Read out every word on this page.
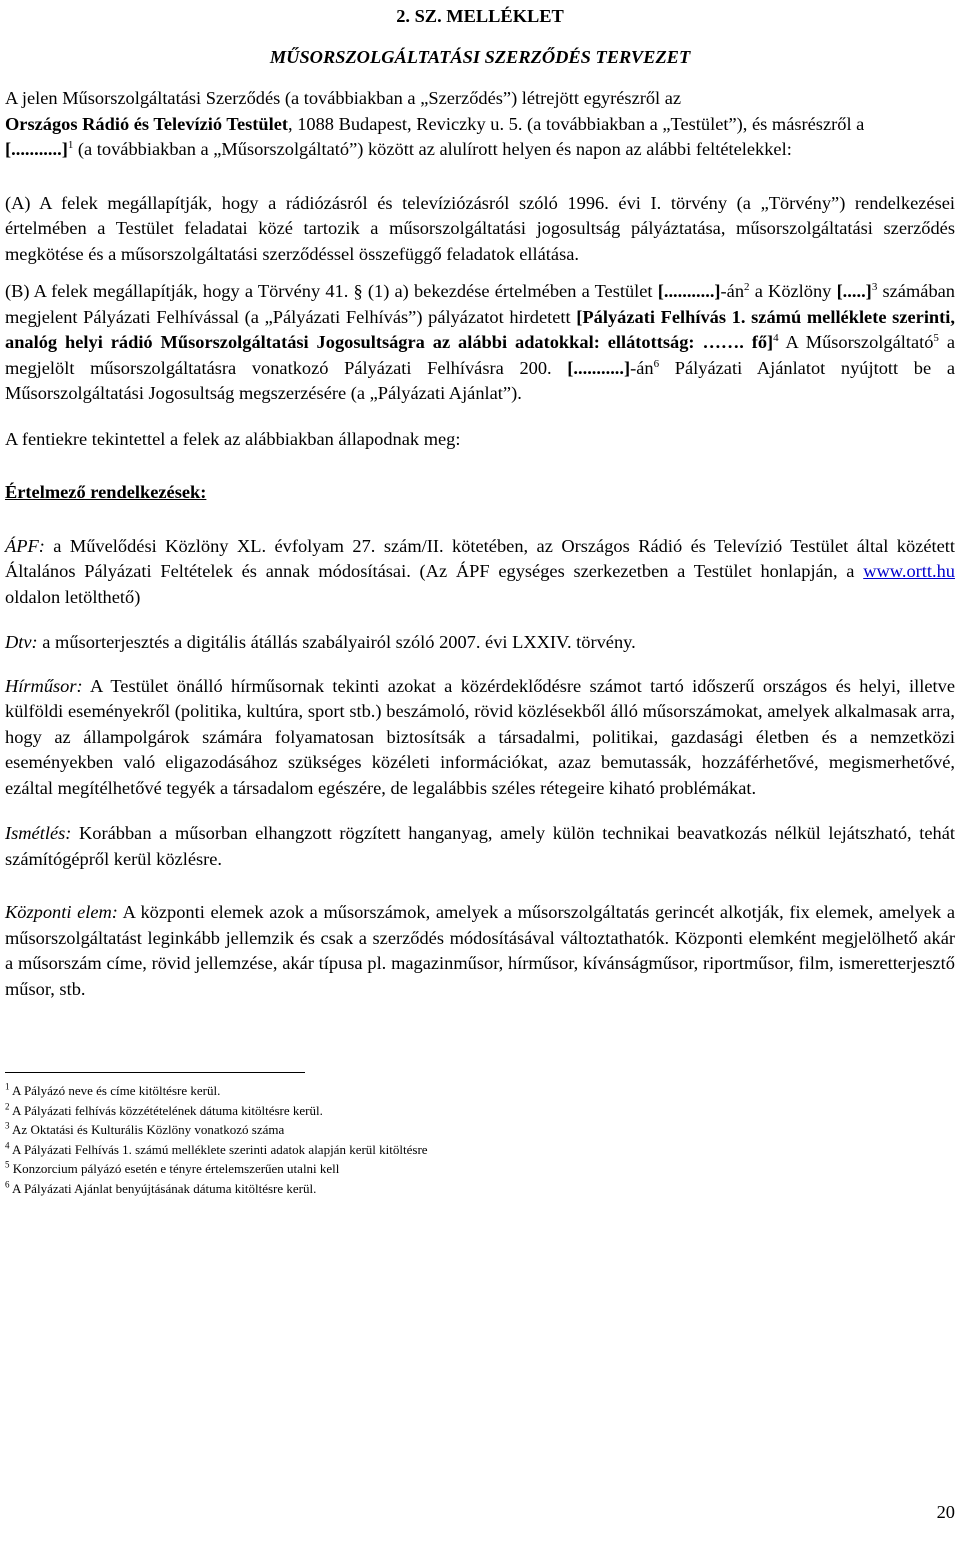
2. SZ. MELLÉKLET

MŰSORSZOLGÁLTATÁSI SZERZŐDÉS TERVEZET

A jelen Műsorszolgáltatási Szerződés (a továbbiakban a „Szerződés”) létrejött egyrészről az

Országos Rádió és Televízió Testület, 1088 Budapest, Reviczky u. 5. (a továbbiakban a „Testület”), és másrészről a

[...........]$^1$ (a továbbiakban a „Műsorszolgáltató”) között az alulírott helyen és napon az alábbi feltételekkel:

(A) A felek megállapítják, hogy a rádiózásról és televíziózásról szóló 1996. évi I. törvény (a „Törvény”) rendelkezései értelmében a Testület feladatai közé tartozik a műsorszolgáltatási jogosultság pályáztatása, műsorszolgáltatási szerződés megkötése és a műsorszolgáltatási szerződéssel összefüggő feladatok ellátása.

(B) A felek megállapítják, hogy a Törvény 41. § (1) a) bekezdése értelmében a Testület $[...........]-án^2$ a Közlöny [.....]$^3$ számában megjelent Pályázati Felhívással (a „Pályázati Felhívás”) pályázatot hirdetett [Pályázati Felhívás 1. számú melléklete szerinti, analóg helyi rádió Műsorszolgáltatási Jogosultságra az alábbi adatokkal: ellátottság: ……. fő]$^4$ A Műsorszolgáltató$^5$ a megjelölt műsorszolgáltatásra vonatkozó Pályázati Felhívásra 200. $[...........]-án^6$ Pályázati Ajánlatot nyújtott be a Műsorszolgáltatási Jogosultság megszerzésére (a „Pályázati Ajánlat”).

A fentiekre tekintettel a felek az alábbiakban állapodnak meg:

Értelmező rendelkezések:

ÁPF: a Művelődési Közlöny XL. évfolyam 27. szám/II. kötetében, az Országos Rádió és Televízió Testület által közétett Általános Pályázati Feltételek és annak módosításai. (Az ÁPF egységes szerkezetben a Testület honlapján, a www.ortt.hu oldalon letölthető)

Dtv: a műsorterjesztés a digitális átállás szabályairól szóló 2007. évi LXXIV. törvény.

Hírműsor: A Testület önálló hírműsornak tekinti azokat a közérdeklődésre számot tartó időszerű országos és helyi, illetve külföldi eseményekről (politika, kultúra, sport stb.) beszámoló, rövid közlésekből álló műsorszámokat, amelyek alkalmasak arra, hogy az állampolgárok számára folyamatosan biztosítsák a társadalmi, politikai, gazdasági életben és a nemzetközi eseményekben való eligazodásához szükséges közéleti információkat, azaz bemutassák, hozzáférhetővé, megismerhetővé, ezáltal megítélhetővé tegyék a társadalom egészére, de legalábbis széles rétegeire kiható problémákat.

Ismétlés: Korábban a műsorban elhangzott rögzített hanganyag, amely külön technikai beavatkozás nélkül lejátszható, tehát számítógépről kerül közlésre.

Központi elem: A központi elemek azok a műsorszámok, amelyek a műsorszolgáltatás gerincét alkotják, fix elemek, amelyek a műsorszolgáltatást leginkább jellemzik és csak a szerződés módosításával változtathatók. Központi elemként megjelölhető akár a műsorszám címe, rövid jellemzése, akár típusa pl. magazinműsor, hírműsor, kívánságműsor, riportműsor, film, ismeretterjesztő műsor, stb.

$^1$ A Pályázó neve és címe kitöltésre kerül.

$^2$ A Pályázati felhívás közzétételének dátuma kitöltésre kerül.

$^3$ Az Oktatási és Kulturális Közlöny vonatkozó száma

$^4$ A Pályázati Felhívás 1. számú melléklete szerinti adatok alapján kerül kitöltésre

$^5$ Konzorcium pályázó esetén e tényre értelemszerűen utalni kell

$^6$ A Pályázati Ajánlat benyújtásának dátuma kitöltésre kerül.

20
